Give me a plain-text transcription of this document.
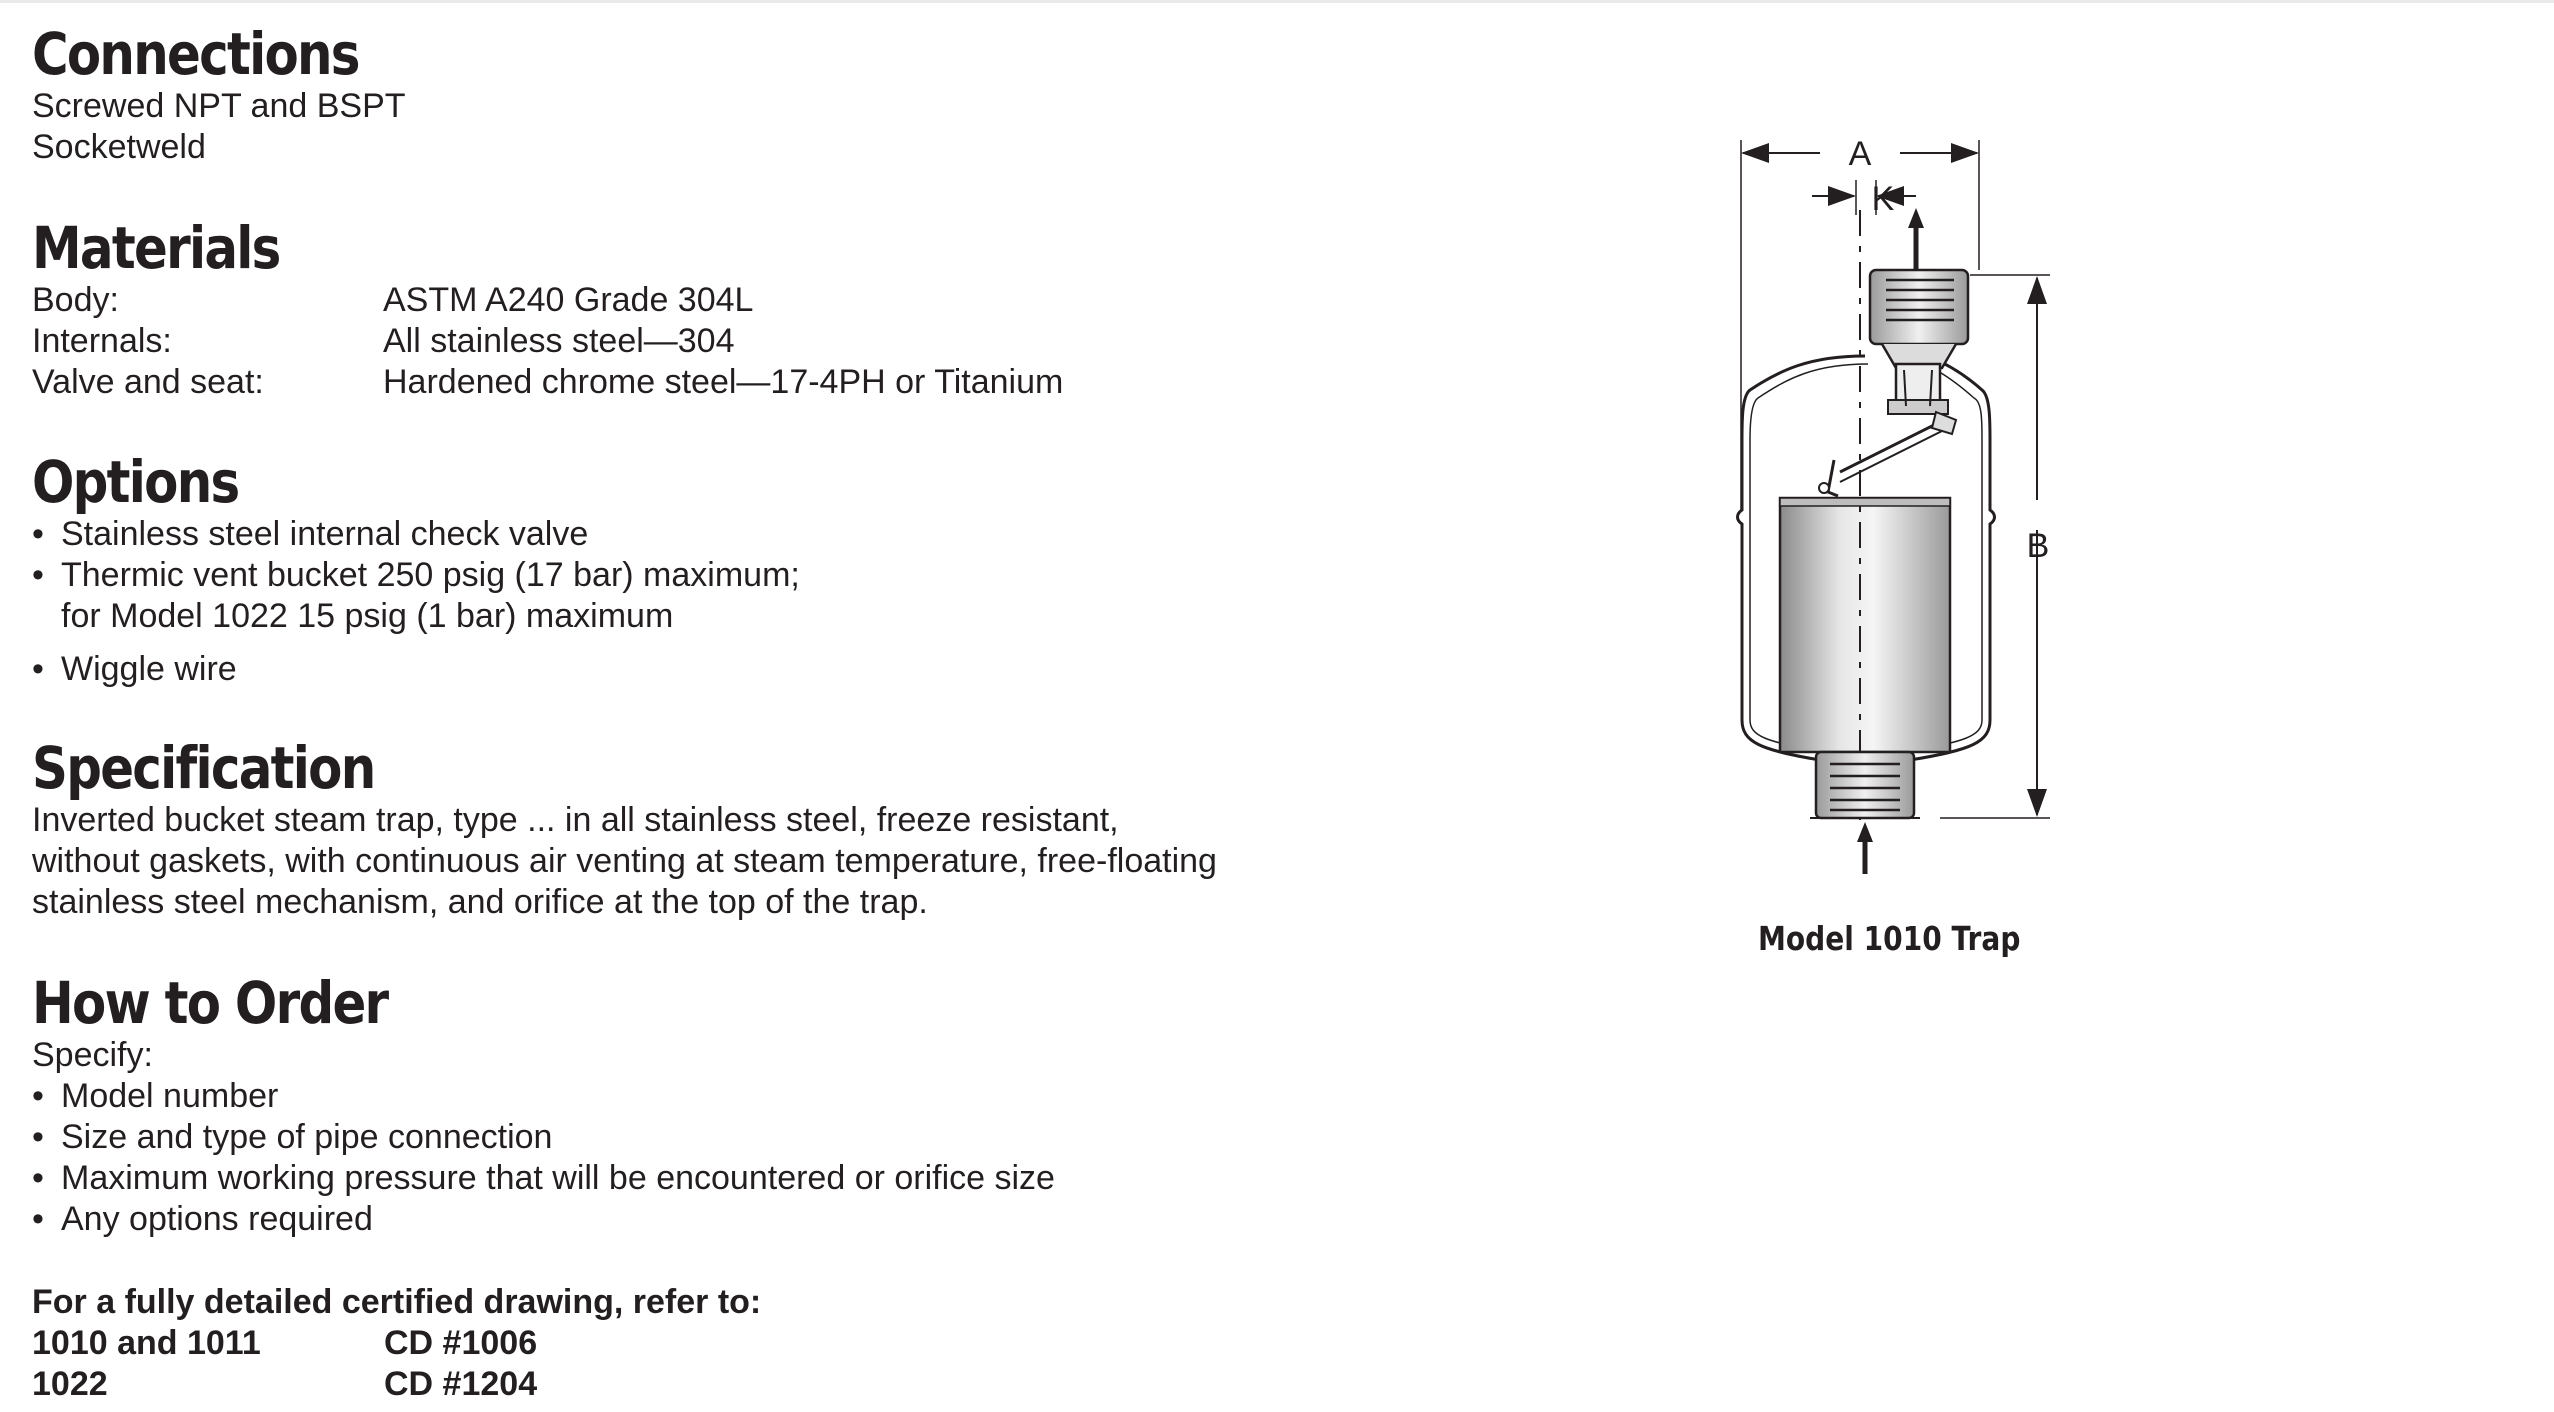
Connections
Screwed NPT and BSPT
Socketweld
Materials
Body:	ASTM A240 Grade 304L
Internals:	All stainless steel—304
Valve and seat:	Hardened chrome steel—17-4PH or Titanium
Options
• Stainless steel internal check valve
• Thermic vent bucket 250 psig (17 bar) maximum;
for Model 1022 15 psig (1 bar) maximum
• Wiggle wire
Specification
Inverted bucket steam trap, type ... in all stainless steel, freeze resistant,
without gaskets, with continuous air venting at steam temperature, free-floating
stainless steel mechanism, and orifice at the top of the trap.
How to Order
Specify:
• Model number
• Size and type of pipe connection
• Maximum working pressure that will be encountered or orifice size
• Any options required
For a fully detailed certified drawing, refer to:
1010 and 1011	CD #1006
1022	CD #1204
A
K
B
Model 1010 Trap
